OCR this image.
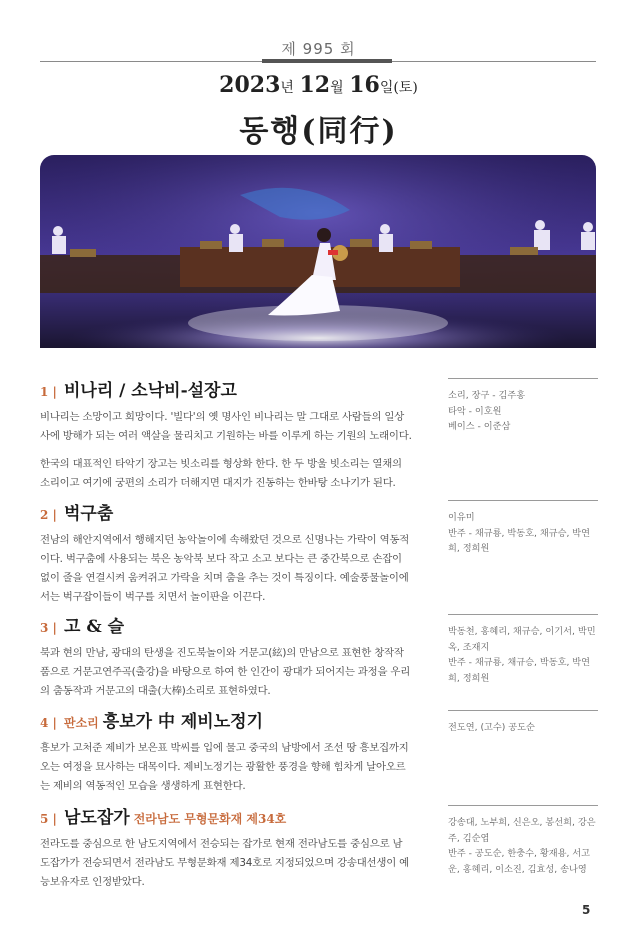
제 995 회
2023년 12월 16일(토)
동행(同行)
1 | 비나리 / 소낙비-설장고

비나리는 소망이고 희망이다. '빌다'의 옛 명사인 비나리는 말 그대로 사람들의 일상사에 방해가 되는 여러 액살을 물리치고 기원하는 바를 이루게 하는 기원의 노래이다.

한국의 대표적인 타악기 장고는 빗소리를 형상화 한다. 한 두 방울 빗소리는 열채의 소리이고 여기에 궁편의 소리가 더해지면 대지가 진동하는 한바탕 소나기가 된다.

소리, 장구 - 김주홍
타악 - 이호원
베이스 - 이준삼
2 | 벅구춤

전남의 해안지역에서 행해지던 농악놀이에 속해왔던 것으로 신명나는 가락이 역동적이다. 벅구춤에 사용되는 북은 농악북 보다 작고 소고 보다는 큰 중간북으로 손잡이 없이 줄을 연결시켜 움켜쥐고 가락을 치며 춤을 추는 것이 특징이다. 예술풍물놀이에서는 벅구잡이들이 벅구를 치면서 놀이판을 이끈다.

이유미
반주 - 채규룡, 박동호, 채규승, 박연희, 정희원
3 | 고 & 슬

북과 현의 만남, 광대의 탄생을 진도북놀이와 거문고(絃)의 만남으로 표현한 창작작품으로 거문고연주곡(출강)을 바탕으로 하여 한 인간이 광대가 되어지는 과정을 우리의 춤동작과 거문고의 대출(大棒)소리로 표현하였다.

박동천, 홍혜리, 채규승, 이기서, 박민옥, 조재지
반주 - 채규룡, 채규승, 박동호, 박연희, 정희원
4 | 판소리 흥보가 中 제비노정기

흥보가 고처준 제비가 보은표 박씨를 입에 물고 중국의 남방에서 조선 땅 흥보집까지 오는 여정을 묘사하는 대목이다. 제비노정기는 광활한 풍경을 향해 힘차게 날아오르는 제비의 역동적인 모습을 생생하게 표현한다.

전도연, (고수) 공도순
5 | 남도잡가 전라남도 무형문화재 제34호

전라도를 중심으로 한 남도지역에서 전승되는 잡가로 현재 전라남도를 중심으로 남도잡가가 전승되면서 전라남도 무형문화재 제34호로 지정되었으며 강송대선생이 예능보유자로 인정받았다.

강송대, 노부희, 신은오, 봉선희, 강은주, 김순엽
반주 - 공도순, 한충수, 황재용, 서고운, 홍혜리, 이소진, 김효성, 송나영
5
